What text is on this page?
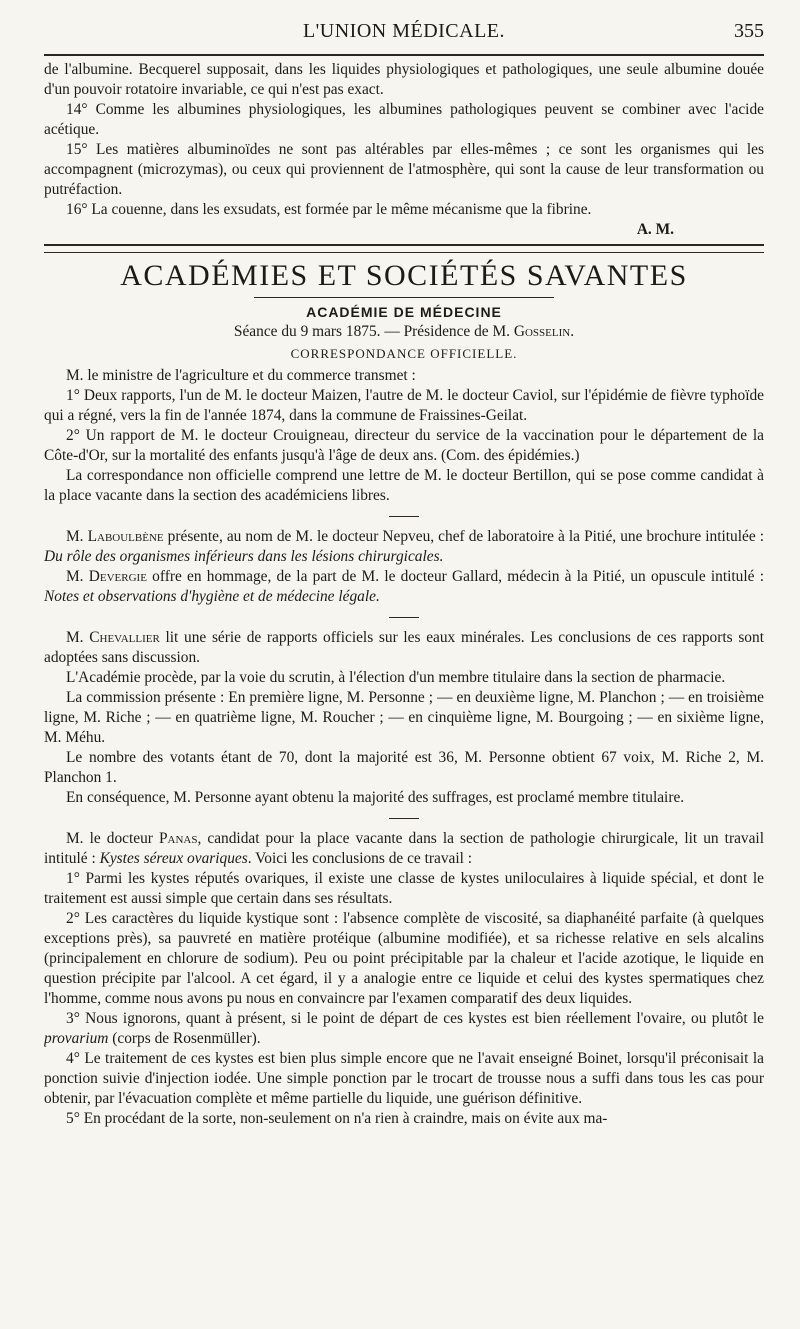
L'UNION MÉDICALE.	355

de l'albumine. Becquerel supposait, dans les liquides physiologiques et pathologiques, une seule albumine douée d'un pouvoir rotatoire invariable, ce qui n'est pas exact.

14° Comme les albumines physiologiques, les albumines pathologiques peuvent se combiner avec l'acide acétique.

15° Les matières albuminoïdes ne sont pas altérables par elles-mêmes ; ce sont les organismes qui les accompagnent (microzymas), ou ceux qui proviennent de l'atmosphère, qui sont la cause de leur transformation ou putréfaction.

16° La couenne, dans les exsudats, est formée par le même mécanisme que la fibrine.

A. M.
ACADÉMIES ET SOCIÉTÉS SAVANTES
ACADÉMIE DE MÉDECINE
Séance du 9 mars 1875. — Présidence de M. Gosselin.
CORRESPONDANCE OFFICIELLE.

M. le ministre de l'agriculture et du commerce transmet :

1° Deux rapports, l'un de M. le docteur Maizen, l'autre de M. le docteur Caviol, sur l'épidémie de fièvre typhoïde qui a régné, vers la fin de l'année 1874, dans la commune de Fraissines-Geilat.

2° Un rapport de M. le docteur Crouigneau, directeur du service de la vaccination pour le département de la Côte-d'Or, sur la mortalité des enfants jusqu'à l'âge de deux ans. (Com. des épidémies.)

La correspondance non officielle comprend une lettre de M. le docteur Bertillon, qui se pose comme candidat à la place vacante dans la section des académiciens libres.

M. Laboulbène présente, au nom de M. le docteur Nepveu, chef de laboratoire à la Pitié, une brochure intitulée : Du rôle des organismes inférieurs dans les lésions chirurgicales.

M. Devergie offre en hommage, de la part de M. le docteur Gallard, médecin à la Pitié, un opuscule intitulé : Notes et observations d'hygiène et de médecine légale.

M. Chevallier lit une série de rapports officiels sur les eaux minérales. Les conclusions de ces rapports sont adoptées sans discussion.

L'Académie procède, par la voie du scrutin, à l'élection d'un membre titulaire dans la section de pharmacie.

La commission présente : En première ligne, M. Personne ; — en deuxième ligne, M. Planchon ; — en troisième ligne, M. Riche ; — en quatrième ligne, M. Roucher ; — en cinquième ligne, M. Bourgoing ; — en sixième ligne, M. Méhu.

Le nombre des votants étant de 70, dont la majorité est 36, M. Personne obtient 67 voix, M. Riche 2, M. Planchon 1.

En conséquence, M. Personne ayant obtenu la majorité des suffrages, est proclamé membre titulaire.

M. le docteur Panas, candidat pour la place vacante dans la section de pathologie chirurgicale, lit un travail intitulé : Kystes séreux ovariques. Voici les conclusions de ce travail :

1° Parmi les kystes réputés ovariques, il existe une classe de kystes uniloculaires à liquide spécial, et dont le traitement est aussi simple que certain dans ses résultats.

2° Les caractères du liquide kystique sont : l'absence complète de viscosité, sa diaphanéité parfaite (à quelques exceptions près), sa pauvreté en matière protéique (albumine modifiée), et sa richesse relative en sels alcalins (principalement en chlorure de sodium). Peu ou point précipitable par la chaleur et l'acide azotique, le liquide en question précipite par l'alcool. A cet égard, il y a analogie entre ce liquide et celui des kystes spermatiques chez l'homme, comme nous avons pu nous en convaincre par l'examen comparatif des deux liquides.

3° Nous ignorons, quant à présent, si le point de départ de ces kystes est bien réellement l'ovaire, ou plutôt le provarium (corps de Rosenmüller).

4° Le traitement de ces kystes est bien plus simple encore que ne l'avait enseigné Boinet, lorsqu'il préconisait la ponction suivie d'injection iodée. Une simple ponction par le trocart de trousse nous a suffi dans tous les cas pour obtenir, par l'évacuation complète et même partielle du liquide, une guérison définitive.

5° En procédant de la sorte, non-seulement on n'a rien à craindre, mais on évite aux ma-
